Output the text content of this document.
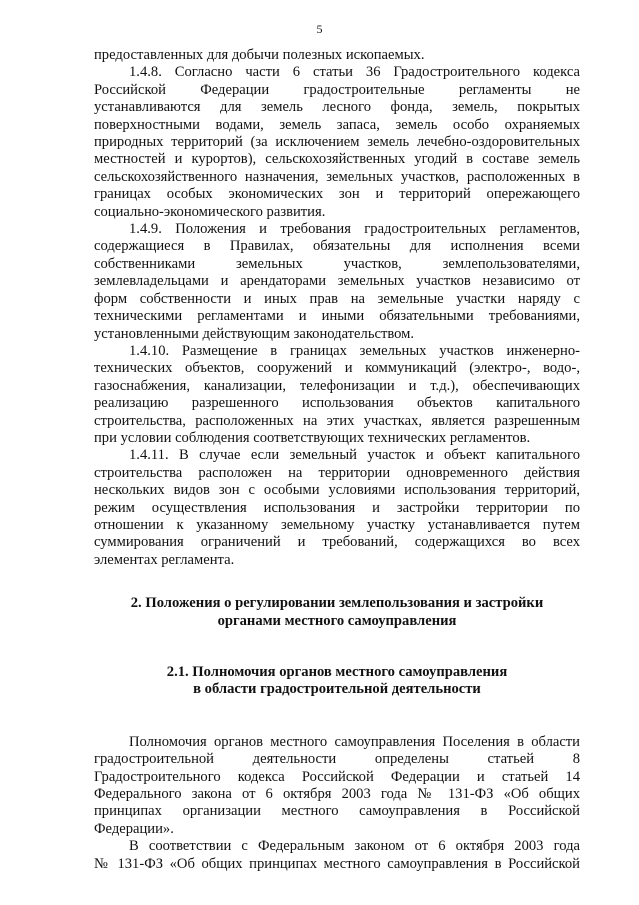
5

предоставленных для добычи полезных ископаемых.

1.4.8. Согласно части 6 статьи 36 Градостроительного кодекса

Российской Федерации градостроительные регламенты не

устанавливаются для земель лесного фонда, земель, покрытых

поверхностными водами, земель запаса, земель особо охраняемых

природных территорий (за исключением земель лечебно-оздоровительных

местностей и курортов), сельскохозяйственных угодий в составе земель

сельскохозяйственного назначения, земельных участков, расположенных в

границах особых экономических зон и территорий опережающего

социально-экономического развития.

1.4.9. Положения и требования градостроительных регламентов,

содержащиеся в Правилах, обязательны для исполнения всеми

собственниками земельных участков, землепользователями,

землевладельцами и арендаторами земельных участков независимо от

форм собственности и иных прав на земельные участки наряду с

техническими регламентами и иными обязательными требованиями,

установленными действующим законодательством.

1.4.10. Размещение в границах земельных участков инженерно-

технических объектов, сооружений и коммуникаций (электро-, водо-,

газоснабжения, канализации, телефонизации и т.д.), обеспечивающих

реализацию разрешенного использования объектов капитального

строительства, расположенных на этих участках, является разрешенным

при условии соблюдения соответствующих технических регламентов.

1.4.11. В случае если земельный участок и объект капитального

строительства расположен на территории одновременного действия

нескольких видов зон с особыми условиями использования территорий,

режим осуществления использования и застройки территории по

отношении к указанному земельному участку устанавливается путем

суммирования ограничений и требований, содержащихся во всех

элементах регламента.

2. Положения о регулировании землепользования и застройки

органами местного самоуправления

2.1. Полномочия органов местного самоуправления

в области градостроительной деятельности

Полномочия органов местного самоуправления Поселения в области

градостроительной деятельности определены статьей 8

Градостроительного кодекса Российской Федерации и статьей 14

Федерального закона от 6 октября 2003 года № 131-ФЗ «Об общих

принципах организации местного самоуправления в Российской

Федерации».

В соответствии с Федеральным законом от 6 октября 2003 года

№ 131-ФЗ «Об общих принципах местного самоуправления в Российской
